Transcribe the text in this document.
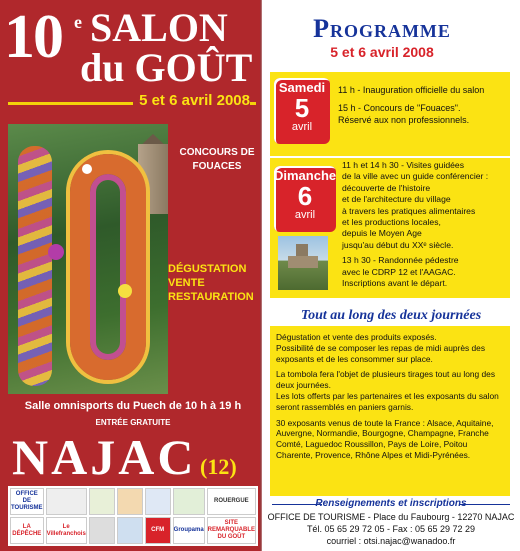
10 e SALON
du GOÛT
5 et 6 avril 2008
CONCOURS DE FOUACES
DÉGUSTATION
VENTE
RESTAURATION
Salle omnisports du Puech de 10 h à 19 h
ENTRÉE GRATUITE
NAJAC (12)
OFFICE DE TOURISME
ROUERGUE
LA DÉPÊCHE
Le Villefranchois
CFM	Groupama
SITE REMARQUABLE DU GOÛT
Programme
5 et 6 avril 2008
Samedi
5
avril
11 h - Inauguration officielle du salon
15 h - Concours de "Fouaces".
Réservé aux non professionnels.
Dimanche
6
avril
11 h et 14 h 30 - Visites guidées
de la ville avec un guide conférencier :
découverte de l'histoire
et de l'architecture du village
à travers les pratiques alimentaires
et les productions locales,
depuis le Moyen Age
jusqu'au début du XXᵉ siècle.
13 h 30 - Randonnée pédestre
avec le CDRP 12 et l'AAGAC.
Inscriptions avant le départ.
Tout au long des deux journées
Dégustation et vente des produits exposés.
Possibilité de se composer les repas de midi auprès des exposants et de les consommer sur place.
La tombola fera l'objet de plusieurs tirages tout au long des deux journées.
Les lots offerts par les partenaires et les exposants du salon seront rassemblés en paniers garnis.
30 exposants venus de toute la France : Alsace, Aquitaine, Auvergne, Normandie, Bourgogne, Champagne, Franche Comté, Laguedoc Roussillon, Pays de Loire, Poitou Charente, Provence, Rhône Alpes et Midi-Pyrénées.
Renseignements et inscriptions
OFFICE DE TOURISME - Place du Faubourg - 12270 NAJAC
Tél. 05 65 29 72 05 - Fax : 05 65 29 72 29
courriel : otsi.najac@wanadoo.fr
